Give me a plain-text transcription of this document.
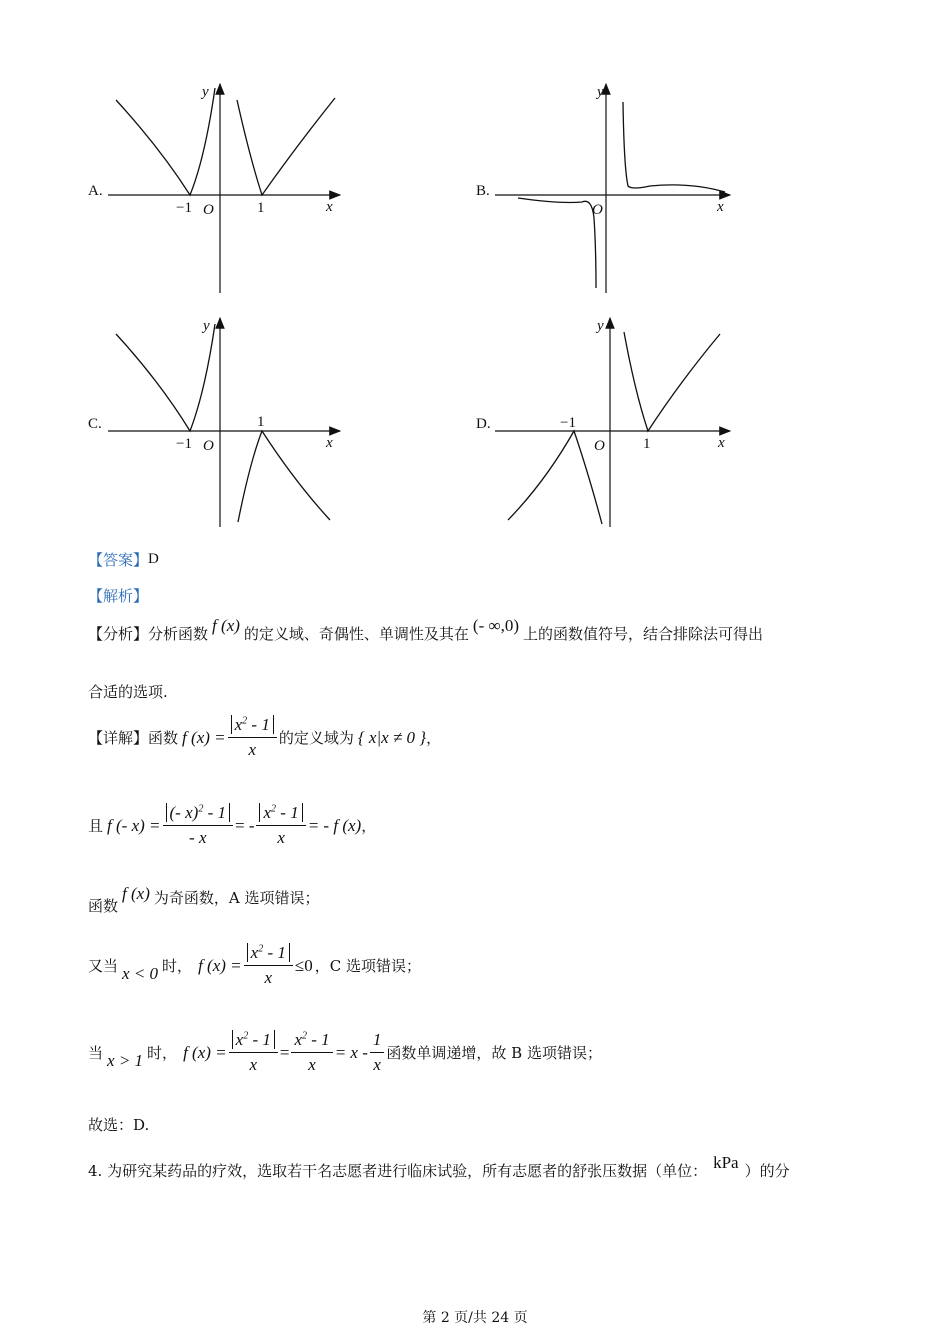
A.	B.
C.	D.
y
x
O
−1	1
y
x
O
y
x
O
−1
1
y
x
O
−1
1
【答案】 D
【解析】
【分析】 分析函数 f (x) 的定义域、奇偶性、单调性及其在 (- ∞,0) 上的函数值符号，结合排除法可得出
合适的选项.
【详解】 函数 f $(x) = \frac{x^2 - 1}{x}$ 的定义域为 { x|x ≠ 0 } ，
且 f (- $x) = \frac{(- x)^2 - 1}{- x}$ = - $\frac{x^2 - 1}{x}$ = - f (x) ，
函数
f (x) 为奇函数，A 选项错误；
又当 x < 0 时， f $(x) = \frac{x^2 - 1}{x} \le 0$ ，C 选项错误；
当 x > 1 时， f $(x) = \frac{x^2 - 1}{x} = \frac{x^2 - 1}{x} = x - \frac{1}{x}$ 函数单调递增，故 B 选项错误；
故选：D.
4. 为研究某药品的疗效，选取若干名志愿者进行临床试验，所有志愿者的舒张压数据（单位： kPa ）的分
第 2 页/共 24 页
